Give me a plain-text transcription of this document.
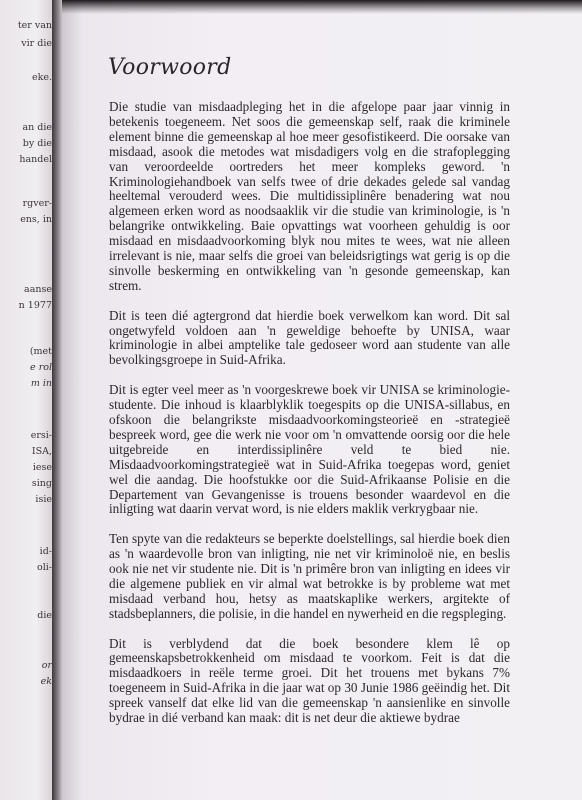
ter van
vir die
eke.
an die
by die
handel
rgver-
ens, in
aanse
n 1977
(met
e rol
m in
ersi-
ISA,
iese
sing
isie
id-
oli-
die
or
ek
Voorwoord

Die studie van misdaadpleging het in die afgelope paar jaar vinnig in betekenis toegeneem. Net soos die gemeenskap self, raak die kriminele element binne die gemeenskap al hoe meer gesofistikeerd. Die oorsake van misdaad, asook die metodes wat misdadigers volg en die strafoplegging van veroordeelde oortreders het meer kompleks geword. 'n Kriminologiehandboek van selfs twee of drie dekades gelede sal vandag heeltemal verouderd wees. Die multidissiplinêre benadering wat nou algemeen erken word as noodsaaklik vir die studie van kriminologie, is 'n belangrike ontwikkeling. Baie opvattings wat voorheen gehuldig is oor misdaad en misdaadvoorkoming blyk nou mites te wees, wat nie alleen irrelevant is nie, maar selfs die groei van beleidsrigtings wat gerig is op die sinvolle beskerming en ontwikkeling van 'n gesonde gemeenskap, kan strem.

Dit is teen dié agtergrond dat hierdie boek verwelkom kan word. Dit sal ongetwyfeld voldoen aan 'n geweldige behoefte by UNISA, waar kriminologie in albei amptelike tale gedoseer word aan studente van alle bevolkingsgroepe in Suid-Afrika.

Dit is egter veel meer as 'n voorgeskrewe boek vir UNISA se kriminologie-studente. Die inhoud is klaarblyklik toegespits op die UNISA-sillabus, en ofskoon die belangrikste misdaadvoorkomingsteorieë en -strategieë bespreek word, gee die werk nie voor om 'n omvattende oorsig oor die hele uitgebreide en interdissiplinêre veld te bied nie. Misdaadvoorkomingstrategieë wat in Suid-Afrika toegepas word, geniet wel die aandag. Die hoofstukke oor die Suid-Afrikaanse Polisie en die Departement van Gevangenisse is trouens besonder waardevol en die inligting wat daarin vervat word, is nie elders maklik verkrygbaar nie.

Ten spyte van die redakteurs se beperkte doelstellings, sal hierdie boek dien as 'n waardevolle bron van inligting, nie net vir kriminoloë nie, en beslis ook nie net vir studente nie. Dit is 'n primêre bron van inligting en idees vir die algemene publiek en vir almal wat betrokke is by probleme wat met misdaad verband hou, hetsy as maatskaplike werkers, argitekte of stadsbeplanners, die polisie, in die handel en nywerheid en die regspleging.

Dit is verblydend dat die boek besondere klem lê op gemeenskapsbetrokkenheid om misdaad te voorkom. Feit is dat die misdaadkoers in reële terme groei. Dit het trouens met bykans 7% toegeneem in Suid-Afrika in die jaar wat op 30 Junie 1986 geëindig het. Dit spreek vanself dat elke lid van die gemeenskap 'n aansienlike en sinvolle bydrae in dié verband kan maak: dit is net deur die aktiewe bydrae
